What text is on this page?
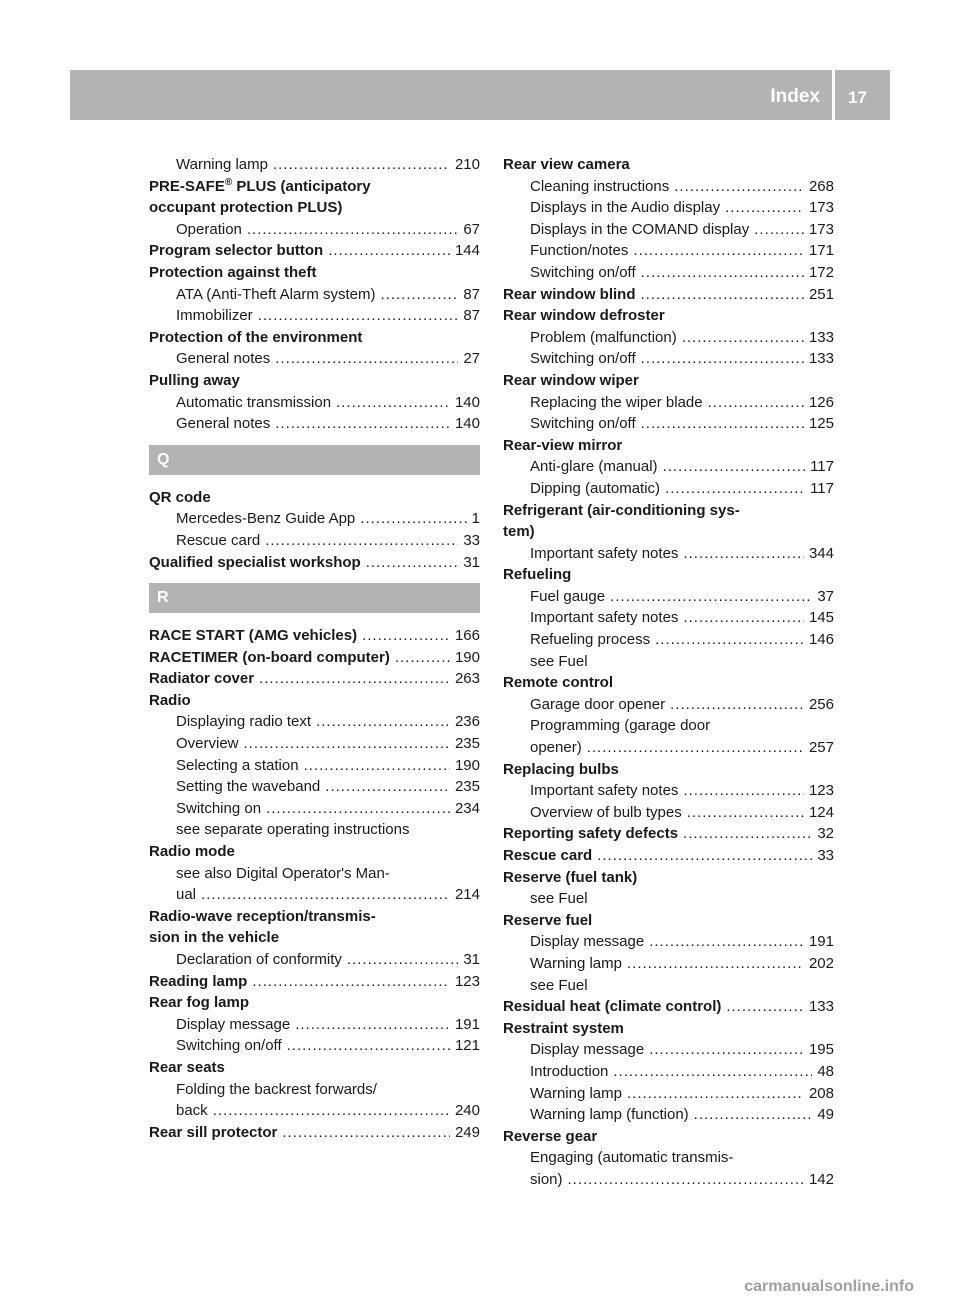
Index 17
Warning lamp .....	210
PRE-SAFE® PLUS (anticipatory
occupant protection PLUS)
Operation .....	67
Program selector button .....	144
Protection against theft
ATA (Anti-Theft Alarm system) .....	87
Immobilizer .....	87
Protection of the environment
General notes .....	27
Pulling away
Automatic transmission .....	140
General notes .....	140
Q
QR code
Mercedes-Benz Guide App .....	1
Rescue card .....	33
Qualified specialist workshop .....	31
R
RACE START (AMG vehicles) .....	166
RACETIMER (on-board computer) .....	190
Radiator cover .....	263
Radio
Displaying radio text .....	236
Overview .....	235
Selecting a station .....	190
Setting the waveband .....	235
Switching on .....	234
see separate operating instructions
Radio mode
see also Digital Operator's Man-
ual .....	214
Radio-wave reception/transmis-
sion in the vehicle
Declaration of conformity .....	31
Reading lamp .....	123
Rear fog lamp
Display message .....	191
Switching on/off .....	121
Rear seats
Folding the backrest forwards/
back .....	240
Rear sill protector .....	249
Rear view camera
Cleaning instructions .....	268
Displays in the Audio display .....	173
Displays in the COMAND display .....	173
Function/notes .....	171
Switching on/off .....	172
Rear window blind .....	251
Rear window defroster
Problem (malfunction) .....	133
Switching on/off .....	133
Rear window wiper
Replacing the wiper blade .....	126
Switching on/off .....	125
Rear-view mirror
Anti-glare (manual) .....	117
Dipping (automatic) .....	117
Refrigerant (air-conditioning sys-
tem)
Important safety notes .....	344
Refueling
Fuel gauge .....	37
Important safety notes .....	145
Refueling process .....	146
see Fuel
Remote control
Garage door opener .....	256
Programming (garage door
opener) .....	257
Replacing bulbs
Important safety notes .....	123
Overview of bulb types .....	124
Reporting safety defects .....	32
Rescue card .....	33
Reserve (fuel tank)
see Fuel
Reserve fuel
Display message .....	191
Warning lamp .....	202
see Fuel
Residual heat (climate control) .....	133
Restraint system
Display message .....	195
Introduction .....	48
Warning lamp .....	208
Warning lamp (function) .....	49
Reverse gear
Engaging (automatic transmis-
sion) .....	142
carmanualsonline.info
